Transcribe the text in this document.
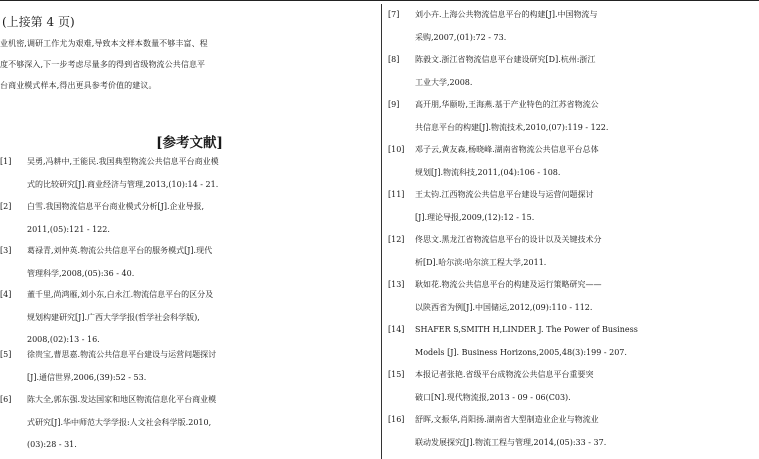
(上接第 4 页)
业机密,调研工作尤为艰难,导致本文样本数量不够丰富、程
度不够深入,下一步考虑尽量多的得到省级物流公共信息平
台商业模式样本,得出更具参考价值的建议。
[参考文献]
[1] 吴勇,冯耕中,王能民.我国典型物流公共信息平台商业模
式的比较研究[J].商业经济与管理,2013,(10):14 - 21.
[2] 白雪.我国物流信息平台商业模式分析[J].企业导报,
2011,(05):121 - 122.
[3] 葛禄青,刘仲英.物流公共信息平台的服务模式[J].现代
管理科学,2008,(05):36 - 40.
[4] 董千里,尚鸿雁,刘小东,白永江.物流信息平台的区分及
规划构建研究[J].广西大学学报(哲学社会科学版),
2008,(02):13 - 16.
[5] 徐贵宝,曹思嘉.物流公共信息平台建设与运营问题探讨
[J].通信世界,2006,(39):52 - 53.
[6] 陈大全,郭东强.发达国家和地区物流信息化平台商业模
式研究[J].华中师范大学学报:人文社会科学版.2010,
(03):28 - 31.
[7] 刘小卉.上海公共物流信息平台的构建[J].中国物流与
采购,2007,(01):72 - 73.
[8] 陈毅文.浙江省物流信息平台建设研究[D].杭州:浙江
工业大学,2008.
[9] 高开朋,华颐吩,王海燕.基于产业特色的江苏省物流公
共信息平台的构建[J].物流技术,2010,(07):119 - 122.
[10] 邓子云,黄友森,杨晓峰.湖南省物流公共信息平台总体
规划[J].物流科技,2011,(04):106 - 108.
[11] 王太钧.江西物流公共信息平台建设与运营问题探讨
[J].理论导报,2009,(12):12 - 15.
[12] 佟思文.黑龙江省物流信息平台的设计以及关键技术分
析[D].哈尔滨:哈尔滨工程大学,2011.
[13] 耿如花.物流公共信息平台的构建及运行策略研究——
以陕西省为例[J].中国储运,2012,(09):110 - 112.
[14] SHAFER S,SMITH H,LINDER J. The Power of Business
Models [J]. Business Horizons,2005,48(3):199 - 207.
[15] 本报记者张艳.省级平台成物流公共信息平台重要突
破口[N].现代物流报,2013 - 09 - 06(C03).
[16] 舒晖,文振华,肖阳扬.湖南省大型制造业企业与物流业
联动发展探究[J].物流工程与管理,2014,(05):33 - 37.
